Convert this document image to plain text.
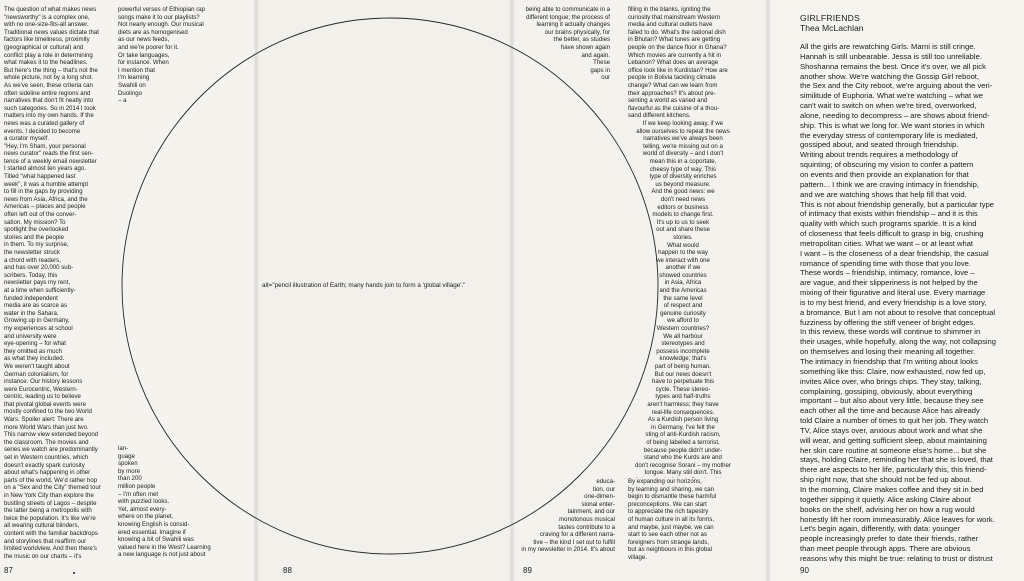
The question of what makes news
"newsworthy" is a complex one,
with no one-size-fits-all answer.
Traditional news values dictate that
factors like timeliness, proximity
(geographical or cultural) and
conflict play a role in determining
what makes it to the headlines.
But here's the thing – that's not the
whole picture, not by a long shot.
As we've seen, these criteria can
often sideline entire regions and
narratives that don't fit neatly into
such categories. So in 2014 I took
matters into my own hands. If the
news was a curated gallery of
events, I decided to become
a curator myself.
"Hey, I'm Sham, your personal
news curator" reads the first sen-
tence of a weekly email newsletter
I started almost ten years ago.
Titled "what happened last
week", it was a humble attempt
to fill in the gaps by providing
news from Asia, Africa, and the
Americas – places and people
often left out of the conver-
sation. My mission? To
spotlight the overlooked
stories and the people
in them. To my surprise,
the newsletter struck
a chord with readers,
and has over 20,000 sub-
scribers. Today, this
newsletter pays my rent,
at a time when sufficiently-
funded independent
media are as scarce as
water in the Sahara.
Growing up in Germany,
my experiences at school
and university were
eye-opening – for what
they omitted as much
as what they included.
We weren't taught about
German colonialism, for
instance. Our history lessons
were Eurocentric, Western-
centric, leading us to believe
that pivotal global events were
mostly confined to the two World
Wars. Spoiler alert: There are
more World Wars than just two.
This narrow view extended beyond
the classroom. The movies and
series we watch are predominantly
set in Western countries, which
doesn't exactly spark curiosity
about what's happening in other
parts of the world. We'd rather hop
on a "Sex and the City" themed tour
in New York City than explore the
bustling streets of Lagos – despite
the latter being a metropolis with
twice the population. It's like we're
all wearing cultural blinders,
content with the familiar backdrops
and storylines that reaffirm our
limited worldview. And then there's
the music on our charts – it's

powerful verses of Ethiopian rap
songs make it to our playlists?
Not nearly enough. Our musical
diets are as homogenised
as our news feeds,
and we're poorer for it.
Or take languages,
for instance. When
I mention that
I'm learning
Swahili on
Duolingo
– a
lan-
guage
spoken
by more
than 200
million people
– I'm often met
with puzzled looks.
Yet, almost every-
where on the planet,
knowing English is consid-
ered essential. Imagine if
knowing a bit of Swahili was
valued here in the West? Learning
a new language is not just about
87
alt="pencil illustration of Earth; many hands join to form a 'global village'."
88
being able to communicate in a
different tongue; the process of
learning it actually changes
our brains physically, for
the better, as studies
have shown again
and again.
These
gaps in
our
educa-
tion, our
one-dimen-
sional enter-
tainment, and our
monotonous musical
tastes contribute to a
craving for a different narra-
tive – the kind I set out to fulfill
in my newsletter in 2014. It's about
filling in the blanks, igniting the
curiosity that mainstream Western
media and cultural outlets have
failed to do. What's the national dish
in Bhutan? What tunes are getting
people on the dance floor in Ghana?
Which movies are currently a hit in
Lebanon? What does an average
office look like in Kurdistan? How are
people in Bolivia tackling climate
change? What can we learn from
their approaches? It's about pre-
senting a world as varied and
flavourful as the cuisine of a thou-
sand different kitchens.
If we keep looking away, if we
allow ourselves to repeat the news
narratives we've always been
telling, we're missing out on a
world of diversity – and I don't
mean this in a coportate,
cheesy type of way. This
type of diversity enriches
us beyond measure.
And the good news: we
don't need news
editors or business
models to change first.
It's up to us to seek
out and share these
stories.
What would
happen to the way
we interact with one
another if we
showed countries
in Asia, Africa
and the Americas
the same level
of respect and
genuine curiosity
we afford to
Western countries?
We all harbour
stereotypes and
possess incomplete
knowledge; that's
part of being human.
But our news doesn't
have to perpetuate this
cycle. These stereo-
types and half-truths
aren't harmless; they have
real-life consequences.
As a Kurdish person living
in Germany, I've felt the
sting of anti-Kurdish racism,
of being labelled a terrorist,
because people didn't under-
stand who the Kurds are and
don't recognise Sorani – my mother
tongue. Many still don't. This

By expanding our horizons,
by learning and sharing, we can
begin to dismantle these harmful
preconceptions. We can start
to appreciate the rich tapestry
of human culture in all its forms,
and maybe, just maybe, we can
start to see each other not as
foreigners from strange lands,
but as neighbours in this global
village.
89
GIRLFRIENDS
Thea McLachlan
All the girls are rewatching Girls. Marni is still cringe.
Hannah is still unbearable. Jessa is still too unreliable.
Shoshanna remains the best. Once it's over, we all pick
another show. We're watching the Gossip Girl reboot,
the Sex and the City reboot, we're arguing about the veri-
similitude of Euphoria. What we're watching – what we
can't wait to switch on when we're tired, overworked,
alone, needing to decompress – are shows about friend-
ship. This is what we long for. We want stories in which
the everyday stress of contemporary life is mediated,
gossiped about, and seated through friendship.
Writing about trends requires a methodology of
squinting; of obscuring my vision to confer a pattern
on events and then provide an explanation for that
pattern... I think we are craving intimacy in friendship,
and we are watching shows that help fill that void.
This is not about friendship generally, but a particular type
of intimacy that exists within friendship – and it is this
quality with which such programs sparkle. It is a kind
of closeness that feels difficult to grasp in big, crushing
metropolitan cities. What we want – or at least what
I want – is the closeness of a dear friendship, the casual
romance of spending time with those that you love.
These words – friendship, intimacy, romance, love –
are vague, and their slipperiness is not helped by the
mixing of their figurative and literal use. Every marriage
is to my best friend, and every friendship is a love story,
a bromance. But I am not about to resolve that conceptual
fuzziness by offering the stiff veneer of bright edges.
In this review, these words will continue to shimmer in
their usages, while hopefully, along the way, not collapsing
on themselves and losing their meaning all together.
The intimacy in friendship that I'm writing about looks
something like this: Claire, now exhausted, now fed up,
invites Alice over, who brings chips. They stay, talking,
complaining, gossiping, obviously, about everything
important – but also about very little, because they see
each other all the time and because Alice has already
told Claire a number of times to quit her job. They watch
TV, Alice stays over, anxious about work and what she
will wear, and getting sufficient sleep, about maintaining
her skin care routine at someone else's home... but she
stays, holding Claire, reminding her that she is loved, that
there are aspects to her life, particularly this, this friend-
ship right now, that she should not be fed up about.
In the morning, Claire makes coffee and they sit in bed
together sipping it quietly. Alice asking Claire about
books on the shelf, advising her on how a rug would
honestly lift her room immeasurably. Alice leaves for work.
Let's begin again, differently, with data: younger
people increasingly prefer to date their friends, rather
than meet people through apps. There are obvious
reasons why this might be true: relating to trust or distrust

90
